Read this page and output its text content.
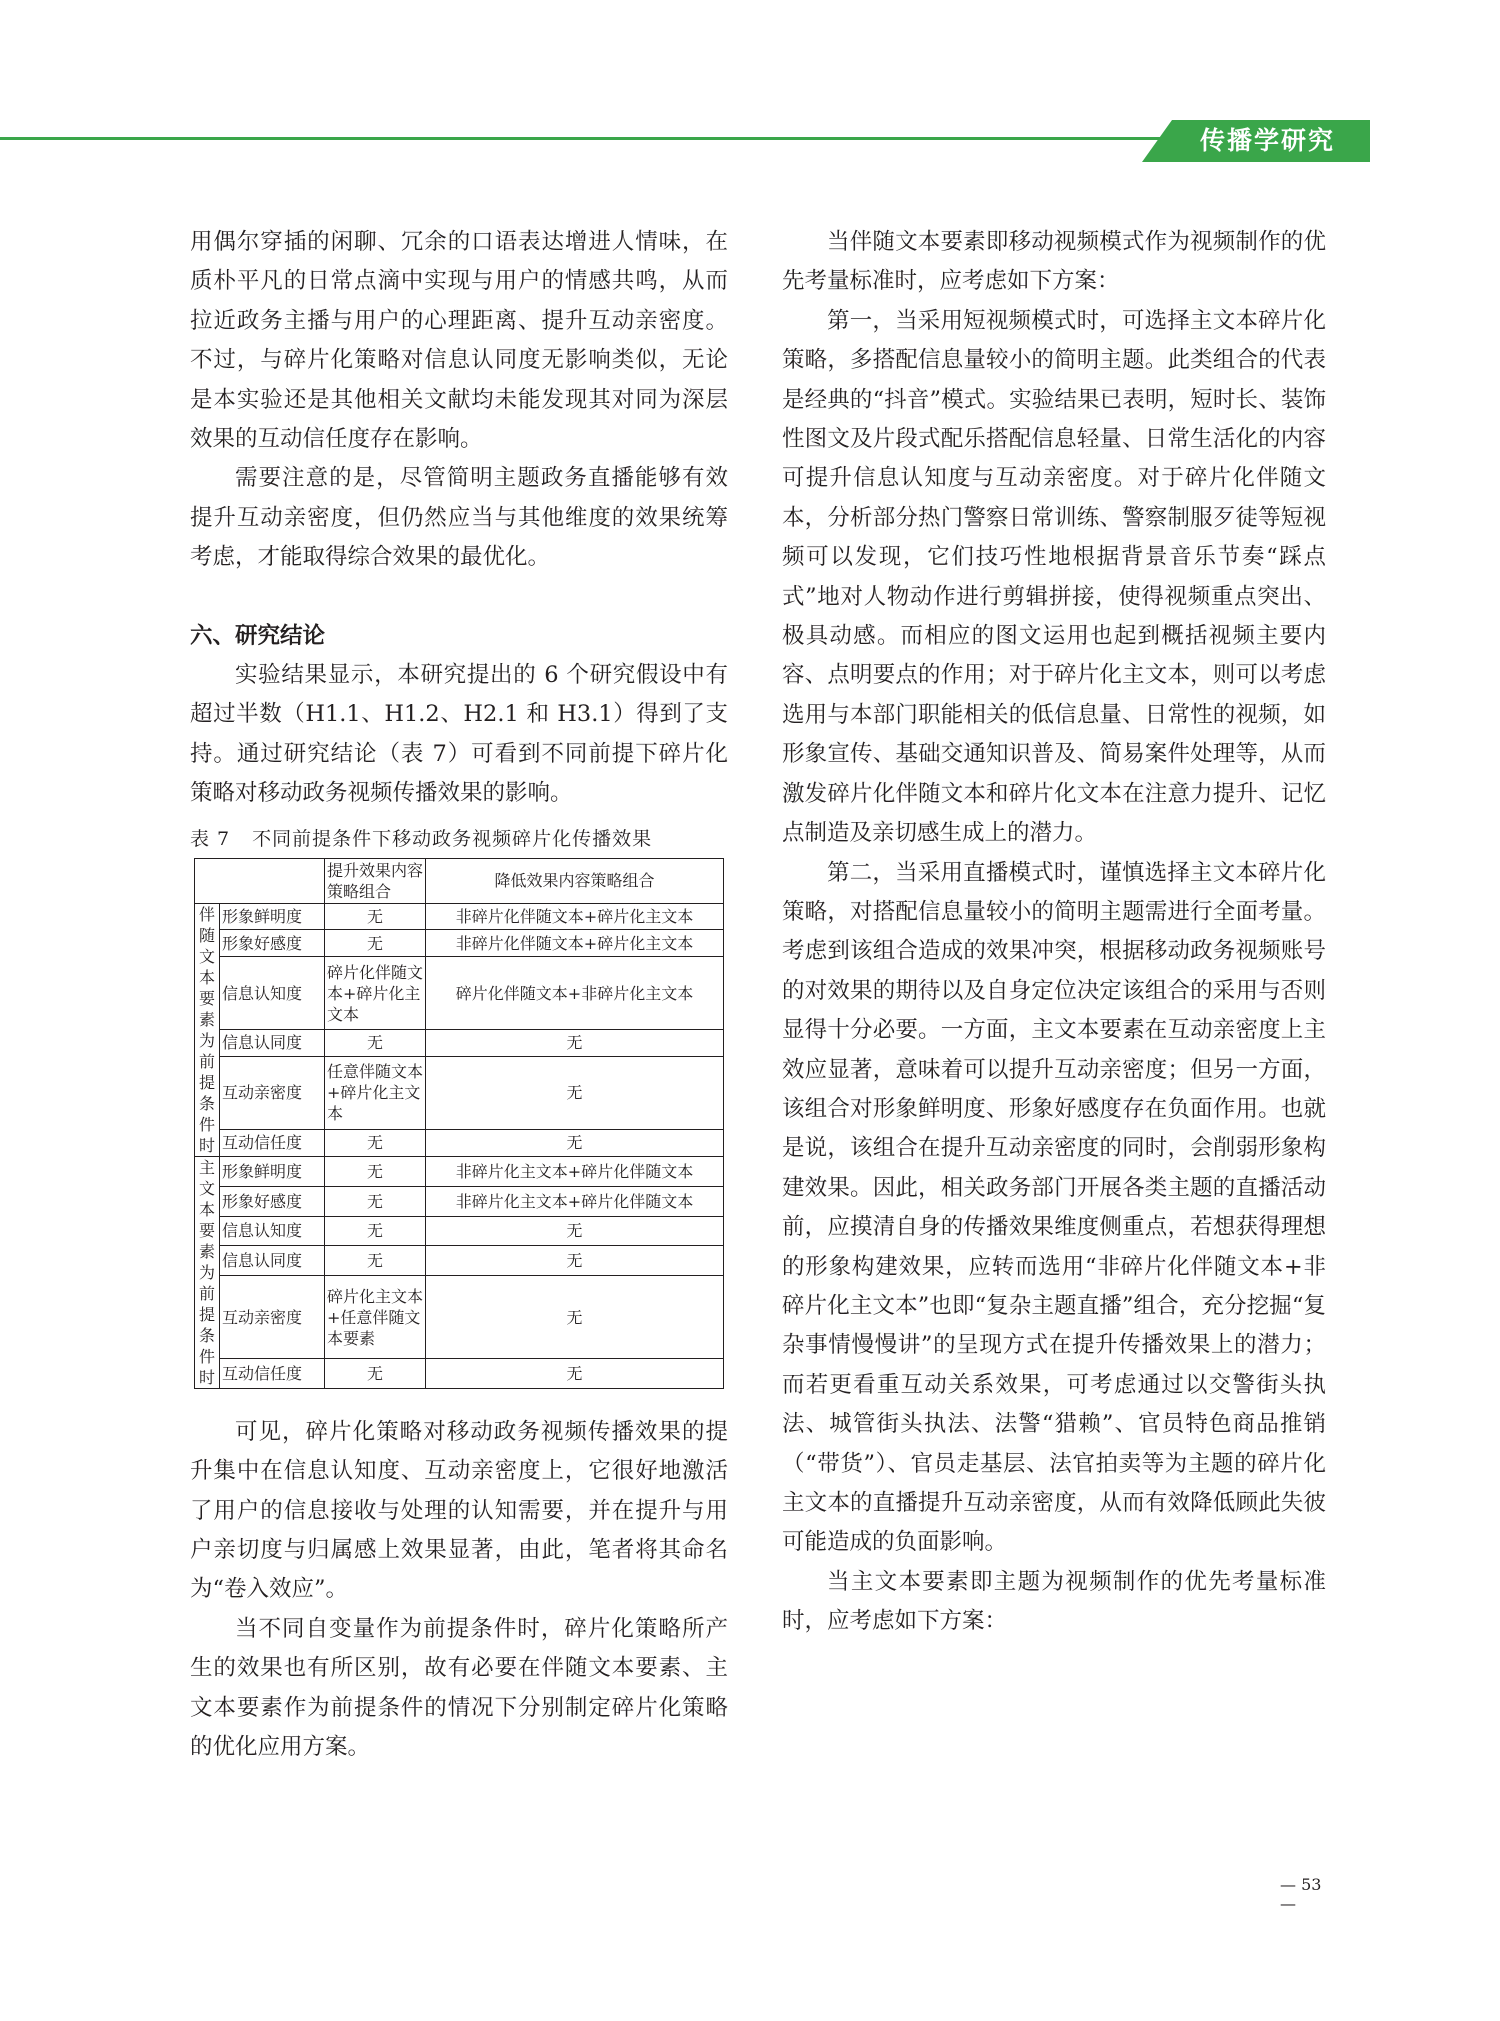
传播学研究

用偶尔穿插的闲聊、冗余的口语表达增进人情味，在质朴平凡的日常点滴中实现与用户的情感共鸣，从而拉近政务主播与用户的心理距离、提升互动亲密度。不过，与碎片化策略对信息认同度无影响类似，无论是本实验还是其他相关文献均未能发现其对同为深层效果的互动信任度存在影响。

需要注意的是，尽管简明主题政务直播能够有效提升互动亲密度，但仍然应当与其他维度的效果统筹考虑，才能取得综合效果的最优化。

六、研究结论

实验结果显示，本研究提出的 6 个研究假设中有超过半数（H1.1、H1.2、H2.1 和 H3.1）得到了支持。通过研究结论（表 7）可看到不同前提下碎片化策略对移动政务视频传播效果的影响。

表 7 不同前提条件下移动政务视频碎片化传播效果
		提升效果内容策略组合	降低效果内容策略组合
伴随文本要素为前提条件时	形象鲜明度	无	非碎片化伴随文本+碎片化主文本
	形象好感度	无	非碎片化伴随文本+碎片化主文本
	信息认知度	碎片化伴随文本+碎片化主文本	碎片化伴随文本+非碎片化主文本
	信息认同度	无	无
	互动亲密度	任意伴随文本+碎片化主文本	无
	互动信任度	无	无
主文本要素为前提条件时	形象鲜明度	无	非碎片化主文本+碎片化伴随文本
	形象好感度	无	非碎片化主文本+碎片化伴随文本
	信息认知度	无	无
	信息认同度	无	无
	互动亲密度	碎片化主文本+任意伴随文本要素	无
	互动信任度	无	无

可见，碎片化策略对移动政务视频传播效果的提升集中在信息认知度、互动亲密度上，它很好地激活了用户的信息接收与处理的认知需要，并在提升与用户亲切度与归属感上效果显著，由此，笔者将其命名为“卷入效应”。

当不同自变量作为前提条件时，碎片化策略所产生的效果也有所区别，故有必要在伴随文本要素、主文本要素作为前提条件的情况下分别制定碎片化策略的优化应用方案。

当伴随文本要素即移动视频模式作为视频制作的优先考量标准时，应考虑如下方案：

第一，当采用短视频模式时，可选择主文本碎片化策略，多搭配信息量较小的简明主题。此类组合的代表是经典的“抖音”模式。实验结果已表明，短时长、装饰性图文及片段式配乐搭配信息轻量、日常生活化的内容可提升信息认知度与互动亲密度。对于碎片化伴随文本，分析部分热门警察日常训练、警察制服歹徒等短视频可以发现，它们技巧性地根据背景音乐节奏“踩点式”地对人物动作进行剪辑拼接，使得视频重点突出、极具动感。而相应的图文运用也起到概括视频主要内容、点明要点的作用；对于碎片化主文本，则可以考虑选用与本部门职能相关的低信息量、日常性的视频，如形象宣传、基础交通知识普及、简易案件处理等，从而激发碎片化伴随文本和碎片化文本在注意力提升、记忆点制造及亲切感生成上的潜力。

第二，当采用直播模式时，谨慎选择主文本碎片化策略，对搭配信息量较小的简明主题需进行全面考量。考虑到该组合造成的效果冲突，根据移动政务视频账号的对效果的期待以及自身定位决定该组合的采用与否则显得十分必要。一方面，主文本要素在互动亲密度上主效应显著，意味着可以提升互动亲密度；但另一方面，该组合对形象鲜明度、形象好感度存在负面作用。也就是说，该组合在提升互动亲密度的同时，会削弱形象构建效果。因此，相关政务部门开展各类主题的直播活动前，应摸清自身的传播效果维度侧重点，若想获得理想的形象构建效果，应转而选用“非碎片化伴随文本+非碎片化主文本”也即“复杂主题直播”组合，充分挖掘“复杂事情慢慢讲”的呈现方式在提升传播效果上的潜力；而若更看重互动关系效果，可考虑通过以交警街头执法、城管街头执法、法警“猎赖”、官员特色商品推销（“带货”）、官员走基层、法官拍卖等为主题的碎片化主文本的直播提升互动亲密度，从而有效降低顾此失彼可能造成的负面影响。

当主文本要素即主题为视频制作的优先考量标准时，应考虑如下方案：

— 53 —
